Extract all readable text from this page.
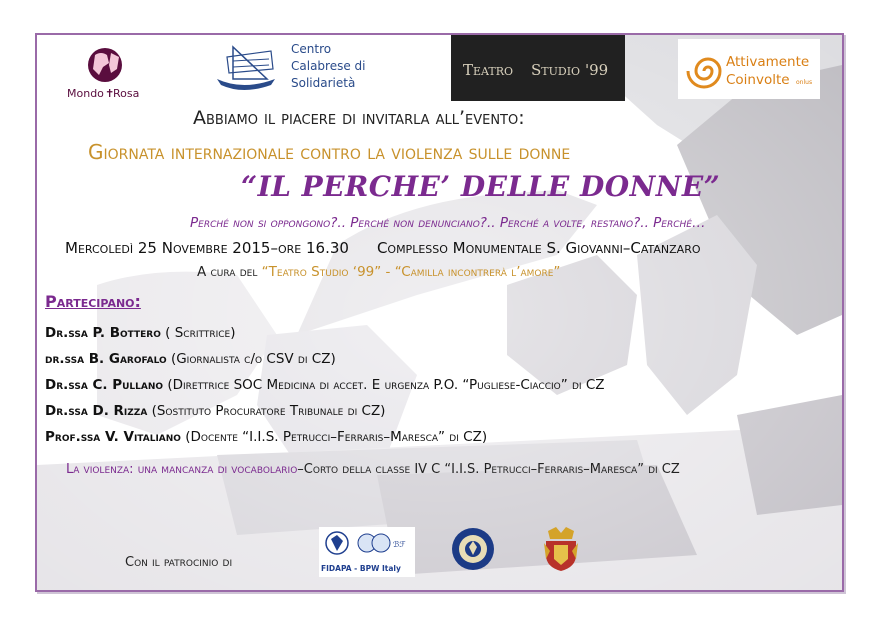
Mondo ✝
Rosa
Centro
Calabrese di
Solidarietà
Teatro Studio '99	Attivamente
Coinvolte onlus
Abbiamo il piacere di invitarla all’evento:
Giornata internazionale contro la violenza sulle donne
“IL PERCHE’ DELLE DONNE”
Perché non si oppongono?.. Perché non denunciano?.. Perché a volte, restano?.. Perché…
Mercoledì 25 Novembre 2015–ore 16.30 Complesso Monumentale S. Giovanni–Catanzaro
A cura del “Teatro Studio ‘99” - “Camilla incontrerà l’amore”
Partecipano:
Dr.ssa P. Bottero ( Scrittrice)
dr.ssa B. Garofalo (Giornalista c/o CSV di CZ)
Dr.ssa C. Pullano (Direttrice SOC Medicina di accet. E urgenza P.O. “Pugliese-Ciaccio” di CZ
Dr.ssa D. Rizza (Sostituto Procuratore Tribunale di CZ)
Prof.ssa V. Vitaliano (Docente “I.I.S. Petrucci–Ferraris–Maresca” di CZ)
La violenza: una mancanza di vocabolario–Corto della classe IV C “I.I.S. Petrucci–Ferraris–Maresca” di CZ
Con il patrocinio di
ℬℱ
FIDAPA - BPW Italy
